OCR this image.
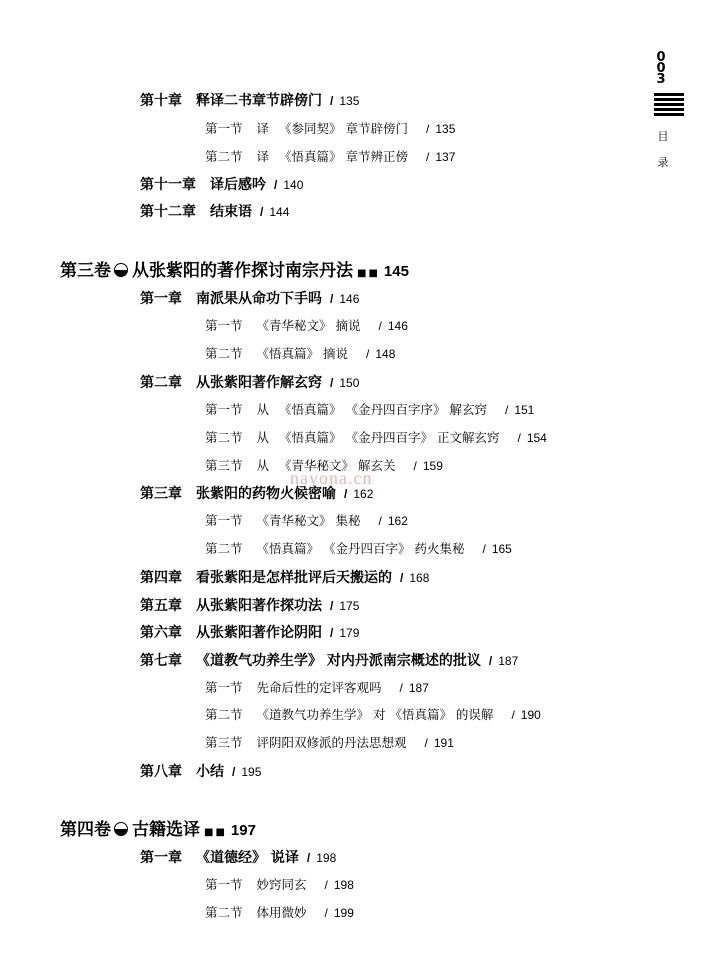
0
0
3
目
录
nayona.cn
第十章 释译二书章节辟傍门 / 135
第一节 译 《参同契》 章节辟傍门	/ 135
第二节 译 《悟真篇》 章节辨正傍	/ 137
第十一章 译后感吟 / 140
第十二章 结束语 / 144
第三卷 从张紫阳的著作探讨南宗丹法 ■■ 145
第一章 南派果从命功下手吗 / 146
第一节 《青华秘文》 摘说	/ 146
第二节 《悟真篇》 摘说	/ 148
第二章 从张紫阳著作解玄窍 / 150
第一节 从 《悟真篇》 《金丹四百字序》 解玄窍	/ 151
第二节 从 《悟真篇》 《金丹四百字》 正文解玄窍	/ 154
第三节 从 《青华秘文》 解玄关	/ 159
第三章 张紫阳的药物火候密喻 / 162
第一节 《青华秘文》 集秘	/ 162
第二节 《悟真篇》 《金丹四百字》 药火集秘	/ 165
第四章 看张紫阳是怎样批评后天搬运的 / 168
第五章 从张紫阳著作探功法 / 175
第六章 从张紫阳著作论阴阳 / 179
第七章 《道教气功养生学》 对内丹派南宗概述的批议 / 187
第一节 先命后性的定评客观吗	/ 187
第二节 《道教气功养生学》 对 《悟真篇》 的误解	/ 190
第三节 评阴阳双修派的丹法思想观	/ 191
第八章 小结 / 195
第四卷 古籍选译 ■■ 197
第一章 《道德经》 说译 / 198
第一节 妙窍同玄	/ 198
第二节 体用微妙	/ 199
